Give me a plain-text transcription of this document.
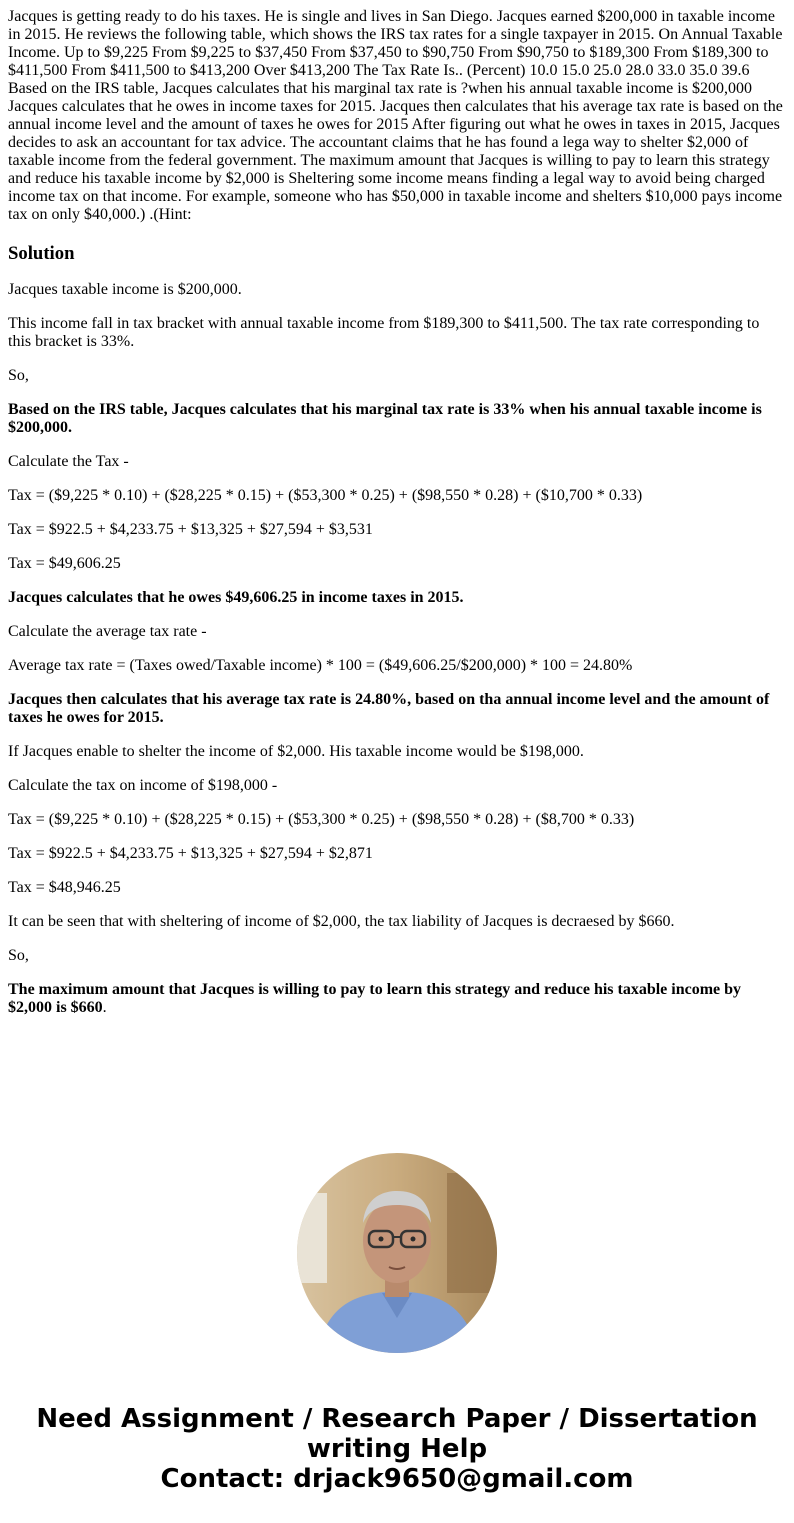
Jacques is getting ready to do his taxes. He is single and lives in San Diego. Jacques earned $200,000 in taxable income in 2015. He reviews the following table, which shows the IRS tax rates for a single taxpayer in 2015. On Annual Taxable Income. Up to $9,225 From $9,225 to $37,450 From $37,450 to $90,750 From $90,750 to $189,300 From $189,300 to $411,500 From $411,500 to $413,200 Over $413,200 The Tax Rate Is.. (Percent) 10.0 15.0 25.0 28.0 33.0 35.0 39.6 Based on the IRS table, Jacques calculates that his marginal tax rate is ?when his annual taxable income is $200,000 Jacques calculates that he owes in income taxes for 2015. Jacques then calculates that his average tax rate is based on the annual income level and the amount of taxes he owes for 2015 After figuring out what he owes in taxes in 2015, Jacques decides to ask an accountant for tax advice. The accountant claims that he has found a lega way to shelter $2,000 of taxable income from the federal government. The maximum amount that Jacques is willing to pay to learn this strategy and reduce his taxable income by $2,000 is Sheltering some income means finding a legal way to avoid being charged income tax on that income. For example, someone who has $50,000 in taxable income and shelters $10,000 pays income tax on only $40,000.) .(Hint:
Solution

Jacques taxable income is $200,000.

This income fall in tax bracket with annual taxable income from $189,300 to $411,500. The tax rate corresponding to this bracket is 33%.

So,

Based on the IRS table, Jacques calculates that his marginal tax rate is 33% when his annual taxable income is $200,000.

Calculate the Tax -

Tax = ($9,225 * 0.10) + ($28,225 * 0.15) + ($53,300 * 0.25) + ($98,550 * 0.28) + ($10,700 * 0.33)

Tax = $922.5 + $4,233.75 + $13,325 + $27,594 + $3,531

Tax = $49,606.25

Jacques calculates that he owes $49,606.25 in income taxes in 2015.

Calculate the average tax rate -

Average tax rate = (Taxes owed/Taxable income) * 100 = ($49,606.25/$200,000) * 100 = 24.80%

Jacques then calculates that his average tax rate is 24.80%, based on tha annual income level and the amount of taxes he owes for 2015.

If Jacques enable to shelter the income of $2,000. His taxable income would be $198,000.

Calculate the tax on income of $198,000 -

Tax = ($9,225 * 0.10) + ($28,225 * 0.15) + ($53,300 * 0.25) + ($98,550 * 0.28) + ($8,700 * 0.33)

Tax = $922.5 + $4,233.75 + $13,325 + $27,594 + $2,871

Tax = $48,946.25

It can be seen that with sheltering of income of $2,000, the tax liability of Jacques is decraesed by $660.

So,

The maximum amount that Jacques is willing to pay to learn this strategy and reduce his taxable income by $2,000 is $660.

Need Assignment / Research Paper / Dissertation
writing Help
Contact: drjack9650@gmail.com
